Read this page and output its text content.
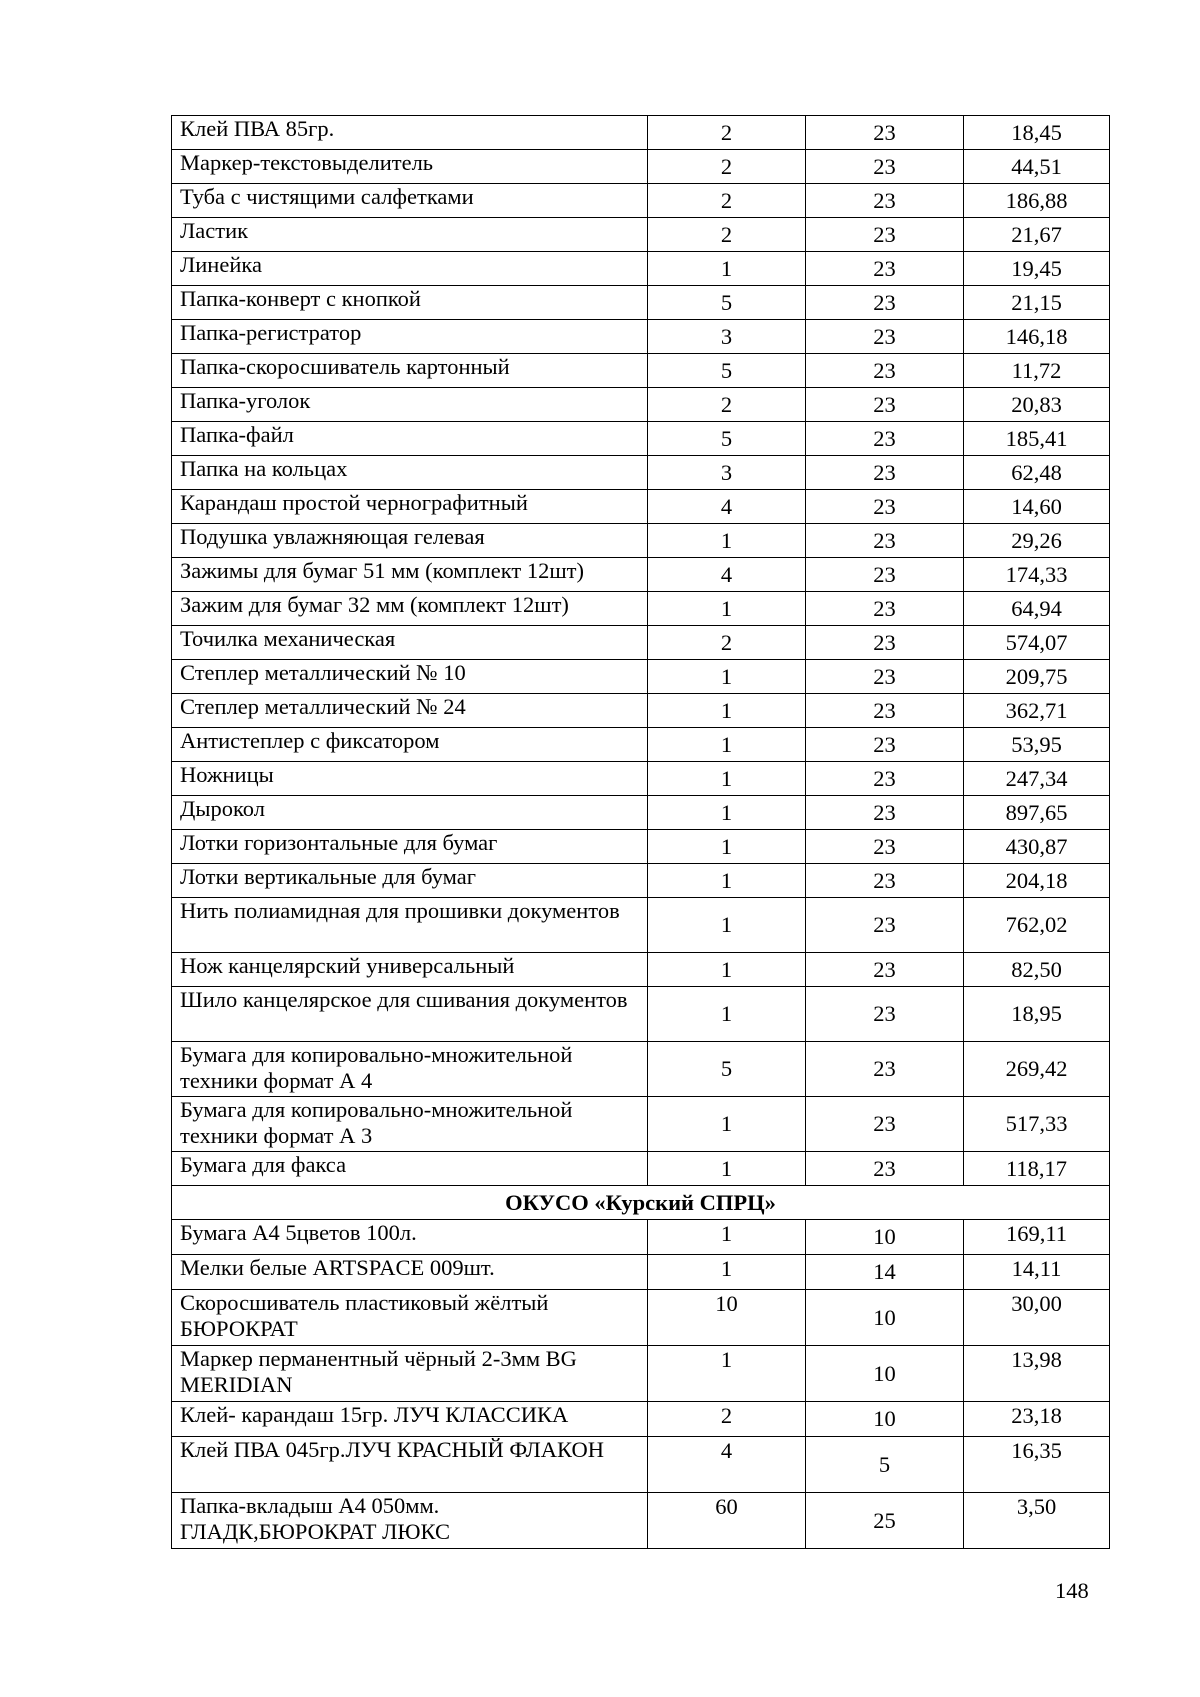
Клей ПВА 85гр.	2	23	18,45
Маркер-текстовыделитель	2	23	44,51
Туба с чистящими салфетками	2	23	186,88
Ластик	2	23	21,67
Линейка	1	23	19,45
Папка-конверт с кнопкой	5	23	21,15
Папка-регистратор	3	23	146,18
Папка-скоросшиватель картонный	5	23	11,72
Папка-уголок	2	23	20,83
Папка-файл	5	23	185,41
Папка на кольцах	3	23	62,48
Карандаш простой чернографитный	4	23	14,60
Подушка увлажняющая гелевая	1	23	29,26
Зажимы для бумаг 51 мм (комплект 12шт)	4	23	174,33
Зажим для бумаг 32 мм (комплект 12шт)	1	23	64,94
Точилка механическая	2	23	574,07
Степлер металлический № 10	1	23	209,75
Степлер металлический № 24	1	23	362,71
Антистеплер с фиксатором	1	23	53,95
Ножницы	1	23	247,34
Дырокол	1	23	897,65
Лотки горизонтальные для бумаг	1	23	430,87
Лотки вертикальные для бумаг	1	23	204,18
Нить полиамидная для прошивки документов	1	23	762,02
Нож канцелярский универсальный	1	23	82,50
Шило канцелярское для сшивания документов	1	23	18,95
Бумага для копировально-множительной техники формат А 4	5	23	269,42
Бумага для копировально-множительной техники формат А 3	1	23	517,33
Бумага для факса	1	23	118,17
ОКУСО «Курский СПРЦ»			
Бумага А4 5цветов 100л.	1	10	169,11
Мелки белые ARTSPACE 009шт.	1	14	14,11
Скоросшиватель пластиковый жёлтый БЮРОКРАТ	10	10	30,00
Маркер перманентный чёрный 2-3мм BG MERIDIAN	1	10	13,98
Клей- карандаш 15гр. ЛУЧ КЛАССИКА	2	10	23,18
Клей ПВА 045гр.ЛУЧ КРАСНЫЙ ФЛАКОН	4	5	16,35
Папка-вкладыш А4 050мм. ГЛАДК,БЮРОКРАТ ЛЮКС	60	25	3,50
148
